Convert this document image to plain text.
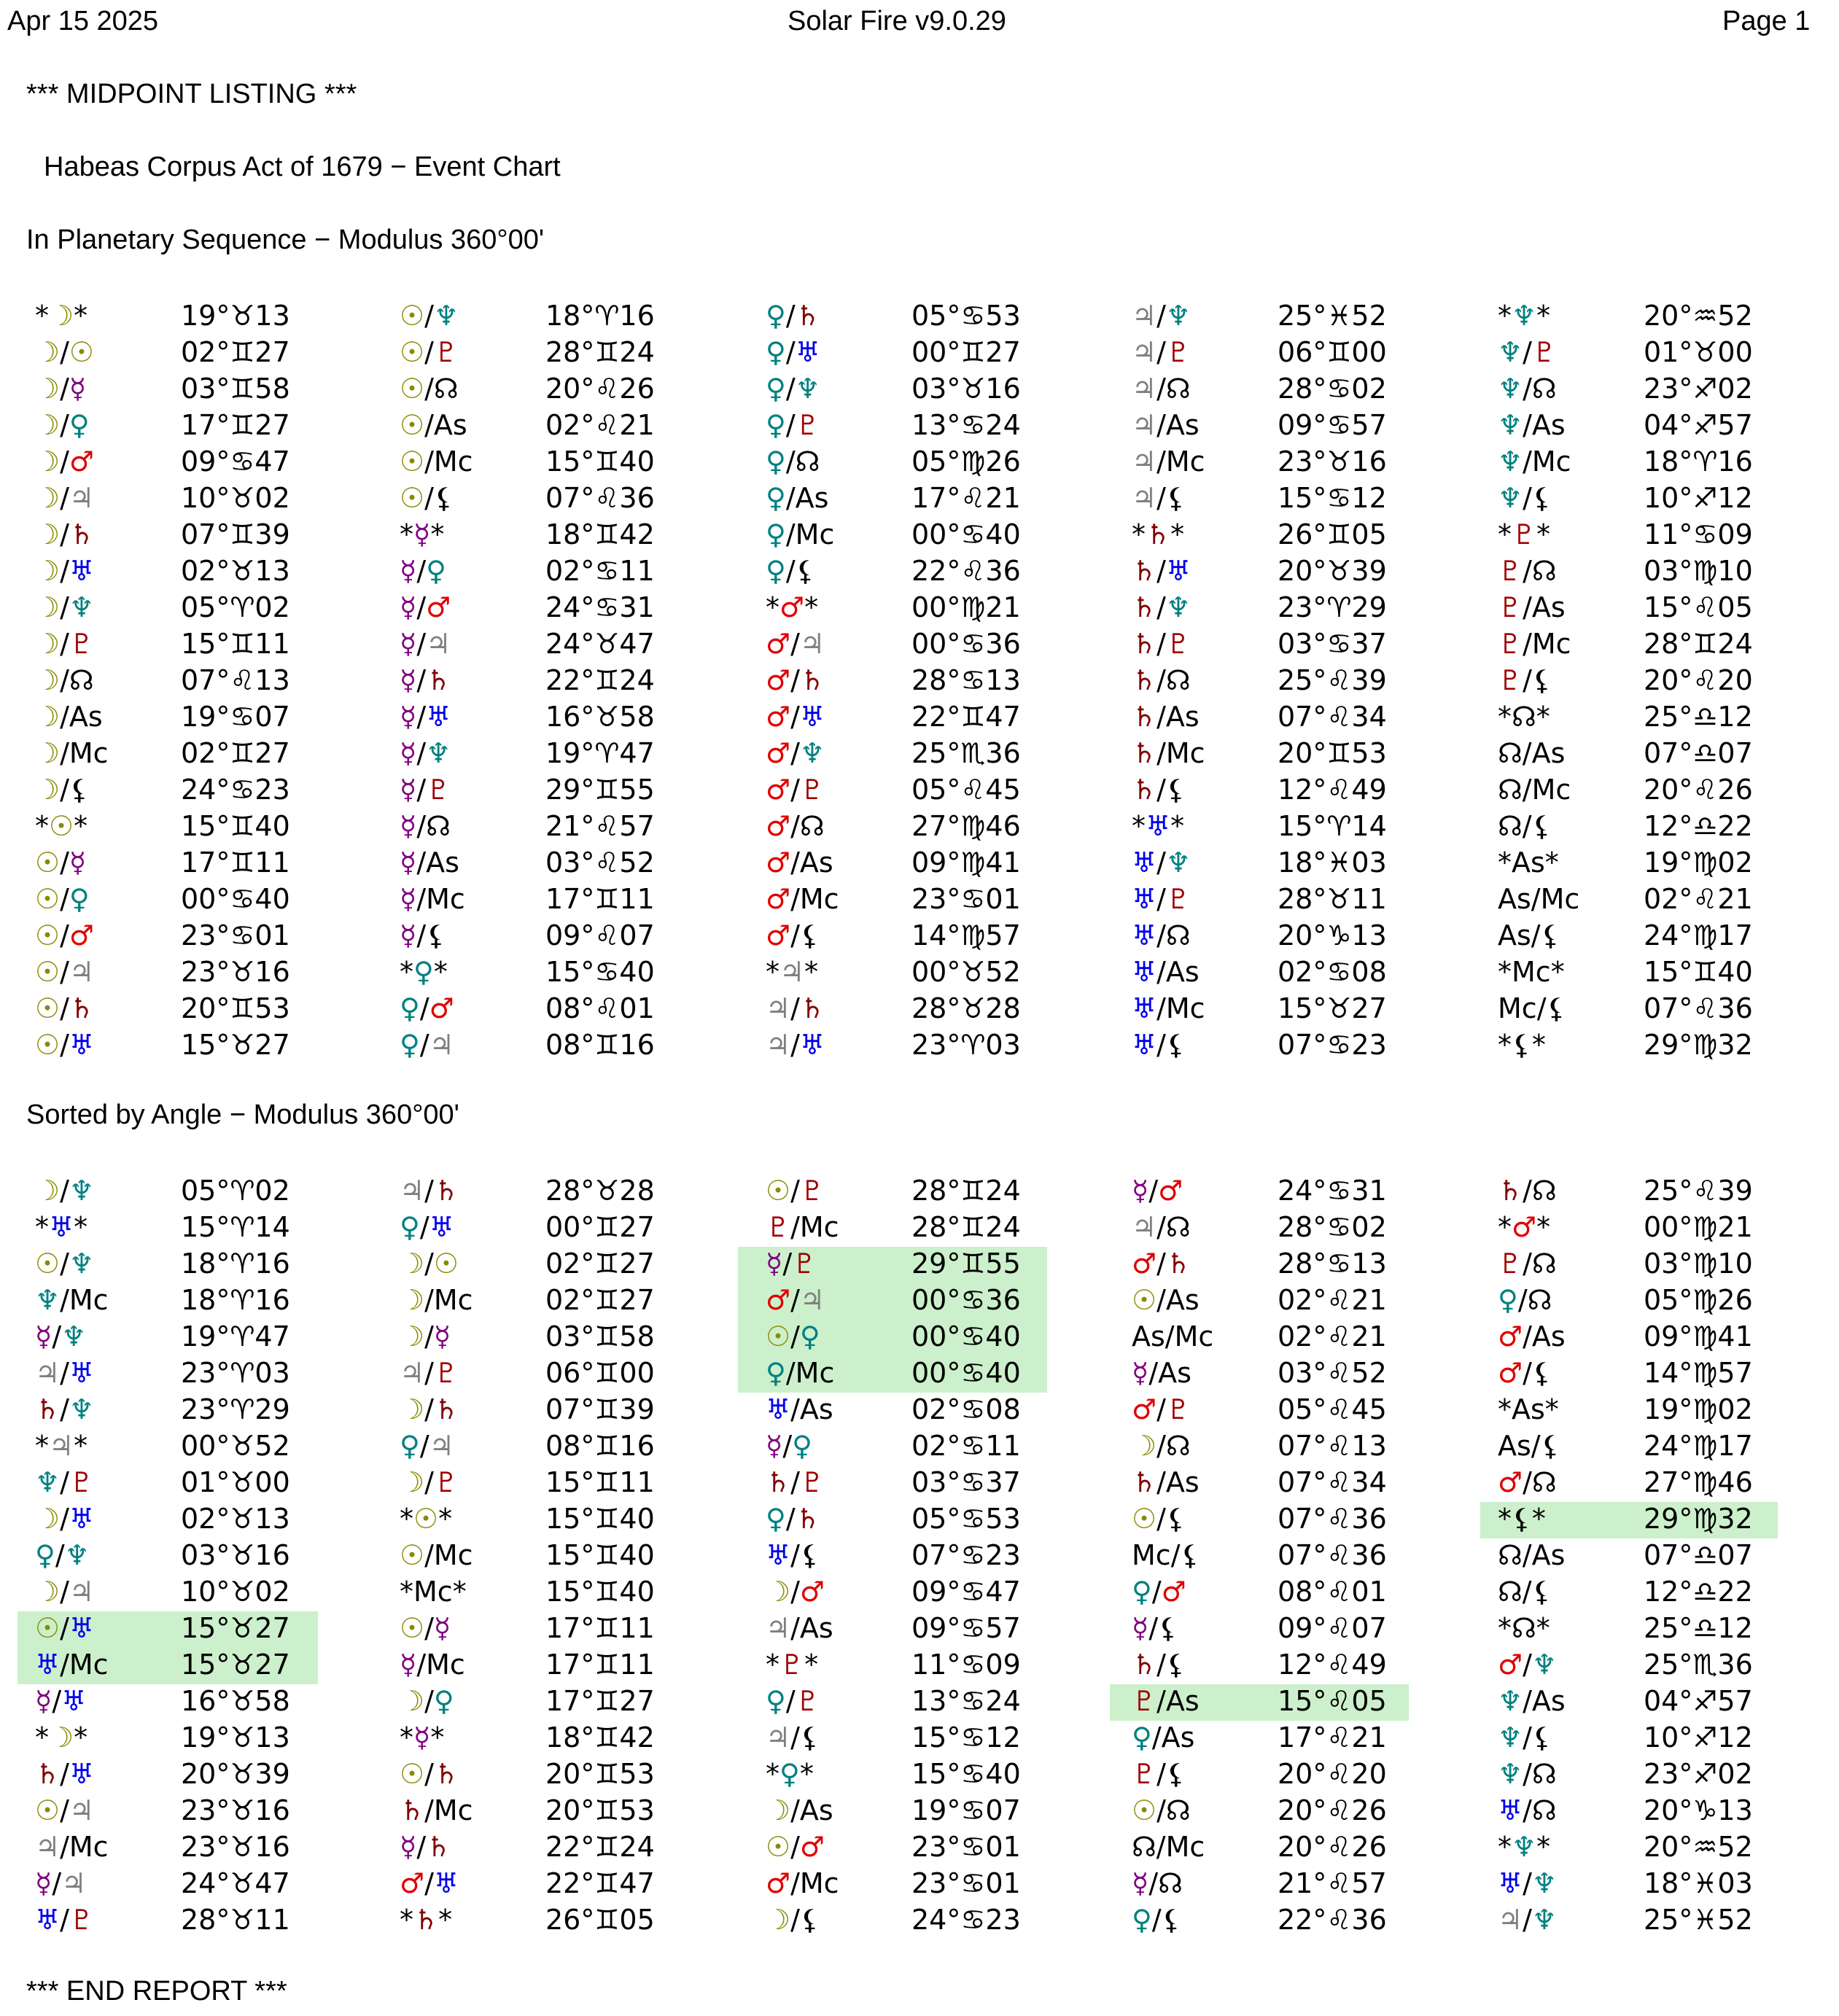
Apr 15 2025	Solar Fire v9.0.29	Page 1
*** MIDPOINT LISTING ***
Habeas Corpus Act of 1679 − Event Chart
In Planetary Sequence − Modulus 360°00'
*☽*	19°♉13
☽/☉	02°♊27
☽/☿	03°♊58
☽/♀	17°♊27
☽/♂	09°♋47
☽/♃	10°♉02
☽/♄	07°♊39
☽/♅	02°♉13
☽/♆	05°♈02
☽/♇	15°♊11
☽/☊	07°♌13
☽/As	19°♋07
☽/Mc	02°♊27
☽/⚸	24°♋23
*☉*	15°♊40
☉/☿	17°♊11
☉/♀	00°♋40
☉/♂	23°♋01
☉/♃	23°♉16
☉/♄	20°♊53
☉/♅	15°♉27
☉/♆	18°♈16
☉/♇	28°♊24
☉/☊	20°♌26
☉/As	02°♌21
☉/Mc	15°♊40
☉/⚸	07°♌36
*☿*	18°♊42
☿/♀	02°♋11
☿/♂	24°♋31
☿/♃	24°♉47
☿/♄	22°♊24
☿/♅	16°♉58
☿/♆	19°♈47
☿/♇	29°♊55
☿/☊	21°♌57
☿/As	03°♌52
☿/Mc	17°♊11
☿/⚸	09°♌07
*♀*	15°♋40
♀/♂	08°♌01
♀/♃	08°♊16
♀/♄	05°♋53
♀/♅	00°♊27
♀/♆	03°♉16
♀/♇	13°♋24
♀/☊	05°♍26
♀/As	17°♌21
♀/Mc	00°♋40
♀/⚸	22°♌36
*♂*	00°♍21
♂/♃	00°♋36
♂/♄	28°♋13
♂/♅	22°♊47
♂/♆	25°♏36
♂/♇	05°♌45
♂/☊	27°♍46
♂/As	09°♍41
♂/Mc	23°♋01
♂/⚸	14°♍57
*♃*	00°♉52
♃/♄	28°♉28
♃/♅	23°♈03
♃/♆	25°♓52
♃/♇	06°♊00
♃/☊	28°♋02
♃/As	09°♋57
♃/Mc	23°♉16
♃/⚸	15°♋12
*♄*	26°♊05
♄/♅	20°♉39
♄/♆	23°♈29
♄/♇	03°♋37
♄/☊	25°♌39
♄/As	07°♌34
♄/Mc	20°♊53
♄/⚸	12°♌49
*♅*	15°♈14
♅/♆	18°♓03
♅/♇	28°♉11
♅/☊	20°♑13
♅/As	02°♋08
♅/Mc	15°♉27
♅/⚸	07°♋23
*♆*	20°♒52
♆/♇	01°♉00
♆/☊	23°♐02
♆/As	04°♐57
♆/Mc	18°♈16
♆/⚸	10°♐12
*♇*	11°♋09
♇/☊	03°♍10
♇/As	15°♌05
♇/Mc	28°♊24
♇/⚸	20°♌20
*☊*	25°♎12
☊/As	07°♎07
☊/Mc	20°♌26
☊/⚸	12°♎22
*As*	19°♍02
As/Mc 02°♌21
As/⚸	24°♍17
*Mc*	15°♊40
Mc/⚸	07°♌36
*⚸*	29°♍32
Sorted by Angle − Modulus 360°00'
☽/♆	05°♈02
*♅*	15°♈14
☉/♆	18°♈16
♆/Mc	18°♈16
☿/♆	19°♈47
♃/♅	23°♈03
♄/♆	23°♈29
*♃*	00°♉52
♆/♇	01°♉00
☽/♅	02°♉13
♀/♆	03°♉16
☽/♃	10°♉02
☉/♅	15°♉27
♅/Mc	15°♉27
☿/♅	16°♉58
*☽*	19°♉13
♄/♅	20°♉39
☉/♃	23°♉16
♃/Mc	23°♉16
☿/♃	24°♉47
♅/♇	28°♉11
♃/♄	28°♉28
♀/♅	00°♊27
☽/☉	02°♊27
☽/Mc	02°♊27
☽/☿	03°♊58
♃/♇	06°♊00
☽/♄	07°♊39
♀/♃	08°♊16
☽/♇	15°♊11
*☉*	15°♊40
☉/Mc	15°♊40
*Mc*	15°♊40
☉/☿	17°♊11
☿/Mc	17°♊11
☽/♀	17°♊27
*☿*	18°♊42
☉/♄	20°♊53
♄/Mc	20°♊53
☿/♄	22°♊24
♂/♅	22°♊47
*♄*	26°♊05
☉/♇	28°♊24
♇/Mc	28°♊24
☿/♇	29°♊55
♂/♃	00°♋36
☉/♀	00°♋40
♀/Mc	00°♋40
♅/As	02°♋08
☿/♀	02°♋11
♄/♇	03°♋37
♀/♄	05°♋53
♅/⚸	07°♋23
☽/♂	09°♋47
♃/As	09°♋57
*♇*	11°♋09
♀/♇	13°♋24
♃/⚸	15°♋12
*♀*	15°♋40
☽/As	19°♋07
☉/♂	23°♋01
♂/Mc	23°♋01
☽/⚸	24°♋23
☿/♂	24°♋31
♃/☊	28°♋02
♂/♄	28°♋13
☉/As	02°♌21
As/Mc 02°♌21
☿/As	03°♌52
♂/♇	05°♌45
☽/☊	07°♌13
♄/As	07°♌34
☉/⚸	07°♌36
Mc/⚸	07°♌36
♀/♂	08°♌01
☿/⚸	09°♌07
♄/⚸	12°♌49
♇/As	15°♌05
♀/As	17°♌21
♇/⚸	20°♌20
☉/☊	20°♌26
☊/Mc	20°♌26
☿/☊	21°♌57
♀/⚸	22°♌36
♄/☊	25°♌39
*♂*	00°♍21
♇/☊	03°♍10
♀/☊	05°♍26
♂/As	09°♍41
♂/⚸	14°♍57
*As*	19°♍02
As/⚸	24°♍17
♂/☊	27°♍46
*⚸*	29°♍32
☊/As	07°♎07
☊/⚸	12°♎22
*☊*	25°♎12
♂/♆	25°♏36
♆/As	04°♐57
♆/⚸	10°♐12
♆/☊	23°♐02
♅/☊	20°♑13
*♆*	20°♒52
♅/♆	18°♓03
♃/♆	25°♓52
*** END REPORT ***
